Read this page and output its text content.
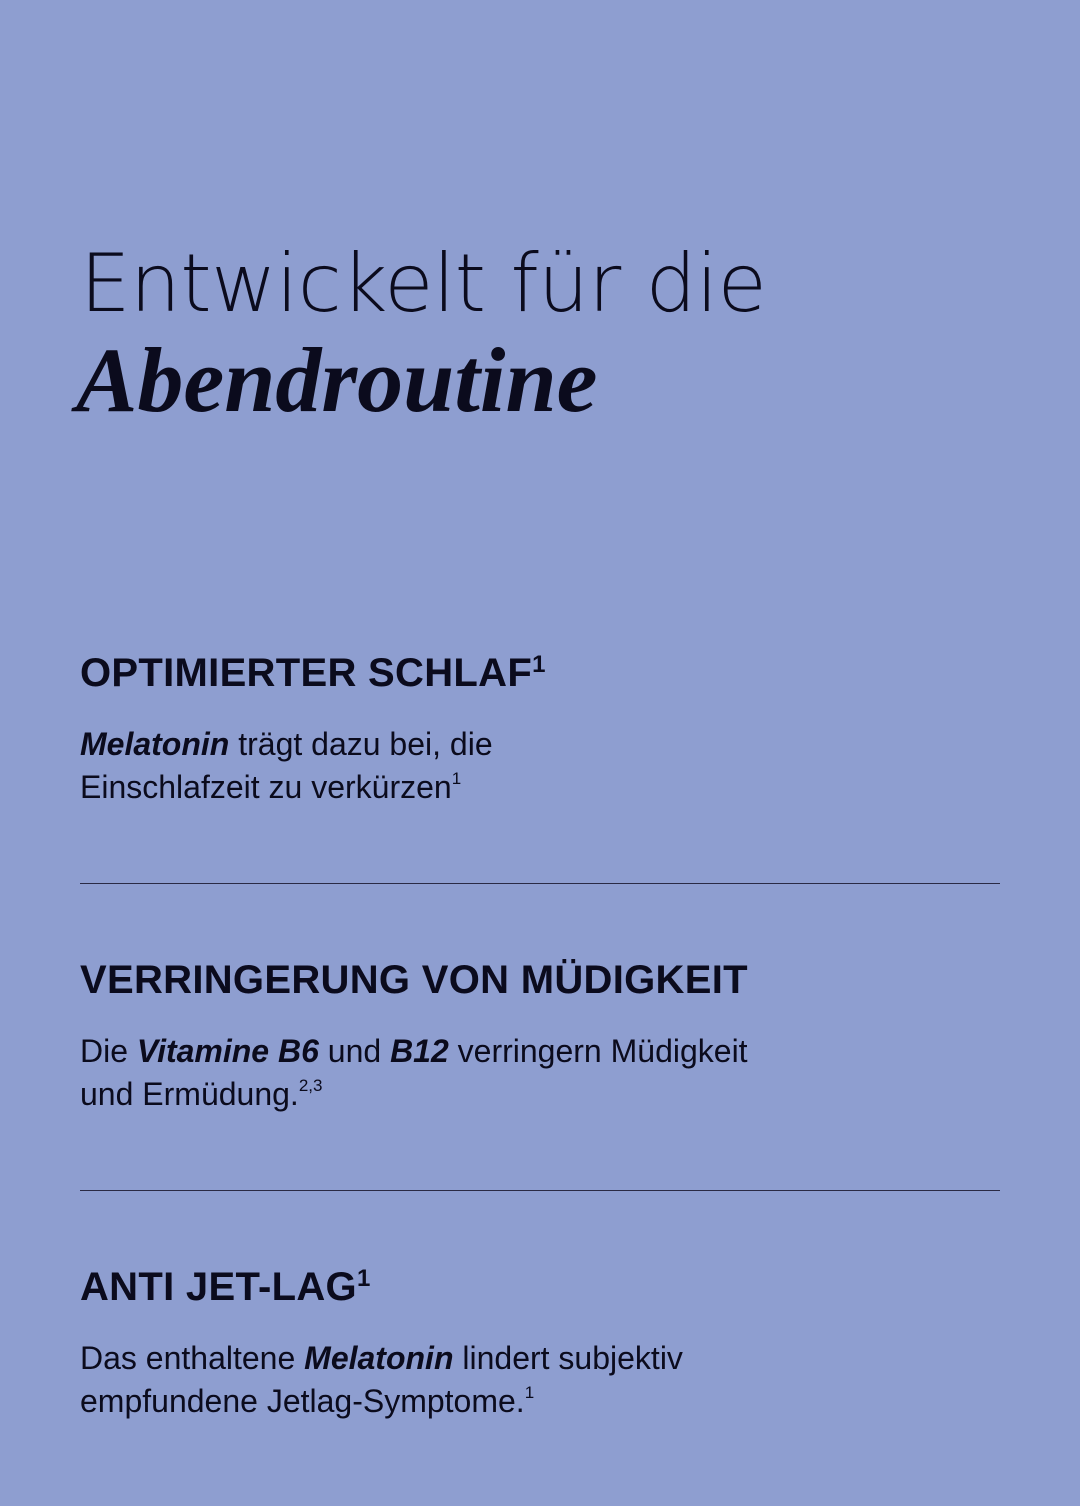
Entwickelt für die
Abendroutine
OPTIMIERTER SCHLAF$^1$

Melatonin trägt dazu bei, die
Einschlafzeit zu verkürzen$^1$

VERRINGERUNG VON MÜDIGKEIT

Die Vitamine B6 und B12 verringern Müdigkeit
und Ermüdung.$^{2,3}$

ANTI JET-LAG$^1$

Das enthaltene Melatonin lindert subjektiv
empfundene Jetlag-Symptome.$^1$
